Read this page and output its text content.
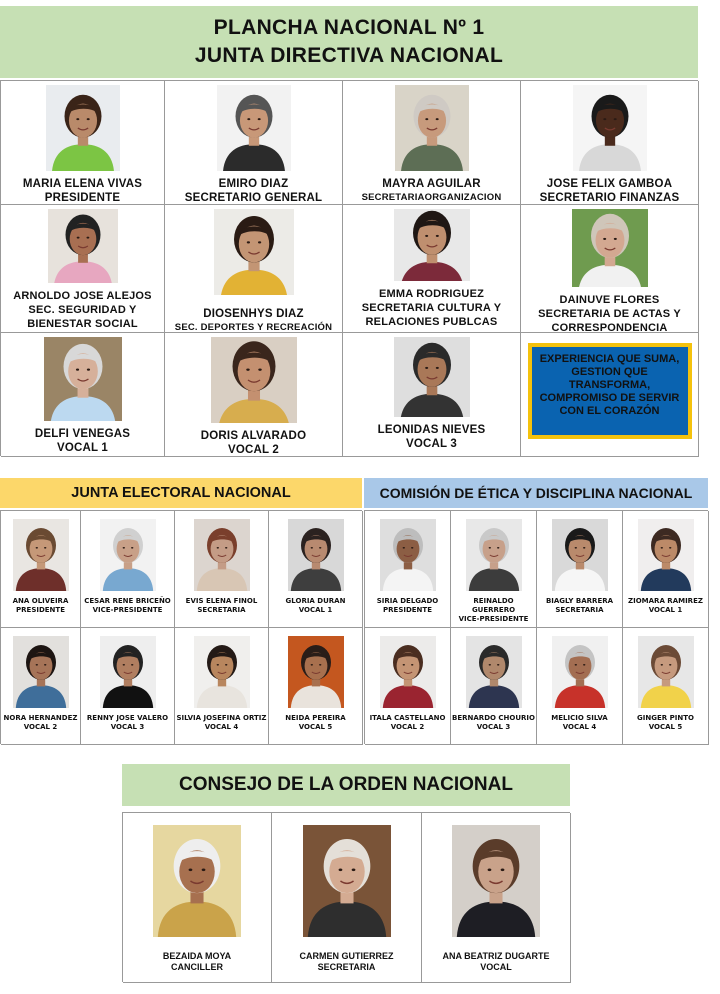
PLANCHA NACIONAL Nº 1
JUNTA DIRECTIVA NACIONAL
MARIA ELENA VIVAS
PRESIDENTE
EMIRO DIAZ
SECRETARIO GENERAL
MAYRA AGUILAR
SECRETARIAORGANIZACION
JOSE FELIX GAMBOA
SECRETARIO FINANZAS
ARNOLDO JOSE ALEJOS
SEC. SEGURIDAD Y BIENESTAR SOCIAL
DIOSENHYS DIAZ
SEC. DEPORTES Y RECREACIÓN
EMMA RODRIGUEZ
SECRETARIA CULTURA Y RELACIONES PUBLCAS
DAINUVE FLORES
SECRETARIA DE ACTAS Y CORRESPONDENCIA
DELFI VENEGAS
VOCAL 1
DORIS ALVARADO
VOCAL 2
LEONIDAS NIEVES
VOCAL 3
EXPERIENCIA QUE SUMA, GESTION QUE TRANSFORMA, COMPROMISO DE SERVIR CON EL CORAZÓN
JUNTA ELECTORAL NACIONAL	COMISIÓN DE ÉTICA Y DISCIPLINA NACIONAL
ANA OLIVEIRA
PRESIDENTE
CESAR RENE BRICEÑO
VICE-PRESIDENTE
EVIS ELENA FINOL
SECRETARIA
GLORIA DURAN
VOCAL 1
NORA HERNANDEZ
VOCAL 2
RENNY JOSE VALERO
VOCAL 3
SILVIA JOSEFINA ORTIZ
VOCAL 4
NEIDA PEREIRA
VOCAL 5
SIRIA DELGADO
PRESIDENTE
REINALDO GUERRERO
VICE-PRESIDENTE
BIAGLY BARRERA
SECRETARIA
ZIOMARA RAMIREZ
VOCAL 1
ITALA CASTELLANO
VOCAL 2
BERNARDO CHOURIO
VOCAL 3
MELICIO SILVA
VOCAL 4
GINGER PINTO
VOCAL 5
CONSEJO DE LA ORDEN NACIONAL
BEZAIDA MOYA
CANCILLER
CARMEN GUTIERREZ
SECRETARIA
ANA BEATRIZ DUGARTE
VOCAL
